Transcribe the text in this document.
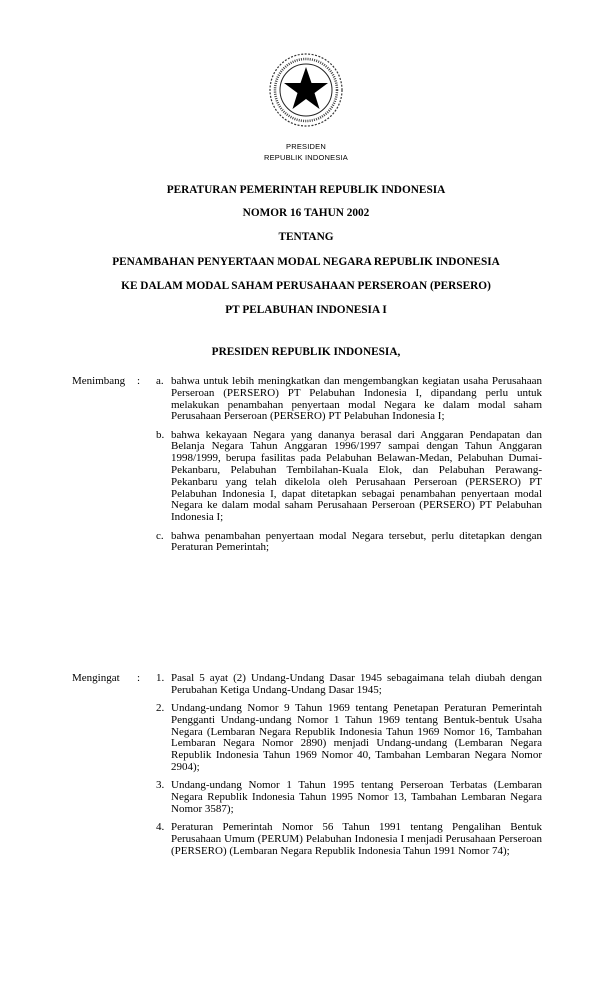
PRESIDEN
REPUBLIK INDONESIA
PERATURAN PEMERINTAH REPUBLIK INDONESIA
NOMOR 16 TAHUN 2002
TENTANG
PENAMBAHAN PENYERTAAN MODAL NEGARA REPUBLIK INDONESIA
KE DALAM MODAL SAHAM PERUSAHAAN PERSEROAN (PERSERO)
PT PELABUHAN INDONESIA I
PRESIDEN REPUBLIK INDONESIA,
Menimbang : a. bahwa untuk lebih meningkatkan dan mengembangkan kegiatan usaha Perusahaan Perseroan (PERSERO) PT Pelabuhan Indonesia I, dipandang perlu untuk melakukan penambahan penyertaan modal Negara ke dalam modal saham Perusahaan Perseroan (PERSERO) PT Pelabuhan Indonesia I;
b. bahwa kekayaan Negara yang dananya berasal dari Anggaran Pendapatan dan Belanja Negara Tahun Anggaran 1996/1997 sampai dengan Tahun Anggaran 1998/1999, berupa fasilitas pada Pelabuhan Belawan-Medan, Pelabuhan Dumai-Pekanbaru, Pelabuhan Tembilahan-Kuala Elok, dan Pelabuhan Perawang-Pekanbaru yang telah dikelola oleh Perusahaan Perseroan (PERSERO) PT Pelabuhan Indonesia I, dapat ditetapkan sebagai penambahan penyertaan modal Negara ke dalam modal saham Perusahaan Perseroan (PERSERO) PT Pelabuhan Indonesia I;
c. bahwa penambahan penyertaan modal Negara tersebut, perlu ditetapkan dengan Peraturan Pemerintah;
Mengingat : 1. Pasal 5 ayat (2) Undang-Undang Dasar 1945 sebagaimana telah diubah dengan Perubahan Ketiga Undang-Undang Dasar 1945;
2. Undang-undang Nomor 9 Tahun 1969 tentang Penetapan Peraturan Pemerintah Pengganti Undang-undang Nomor 1 Tahun 1969 tentang Bentuk-bentuk Usaha Negara (Lembaran Negara Republik Indonesia Tahun 1969 Nomor 16, Tambahan Lembaran Negara Nomor 2890) menjadi Undang-undang (Lembaran Negara Republik Indonesia Tahun 1969 Nomor 40, Tambahan Lembaran Negara Nomor 2904);
3. Undang-undang Nomor 1 Tahun 1995 tentang Perseroan Terbatas (Lembaran Negara Republik Indonesia Tahun 1995 Nomor 13, Tambahan Lembaran Negara Nomor 3587);
4. Peraturan Pemerintah Nomor 56 Tahun 1991 tentang Pengalihan Bentuk Perusahaan Umum (PERUM) Pelabuhan Indonesia I menjadi Perusahaan Perseroan (PERSERO) (Lembaran Negara Republik Indonesia Tahun 1991 Nomor 74);
